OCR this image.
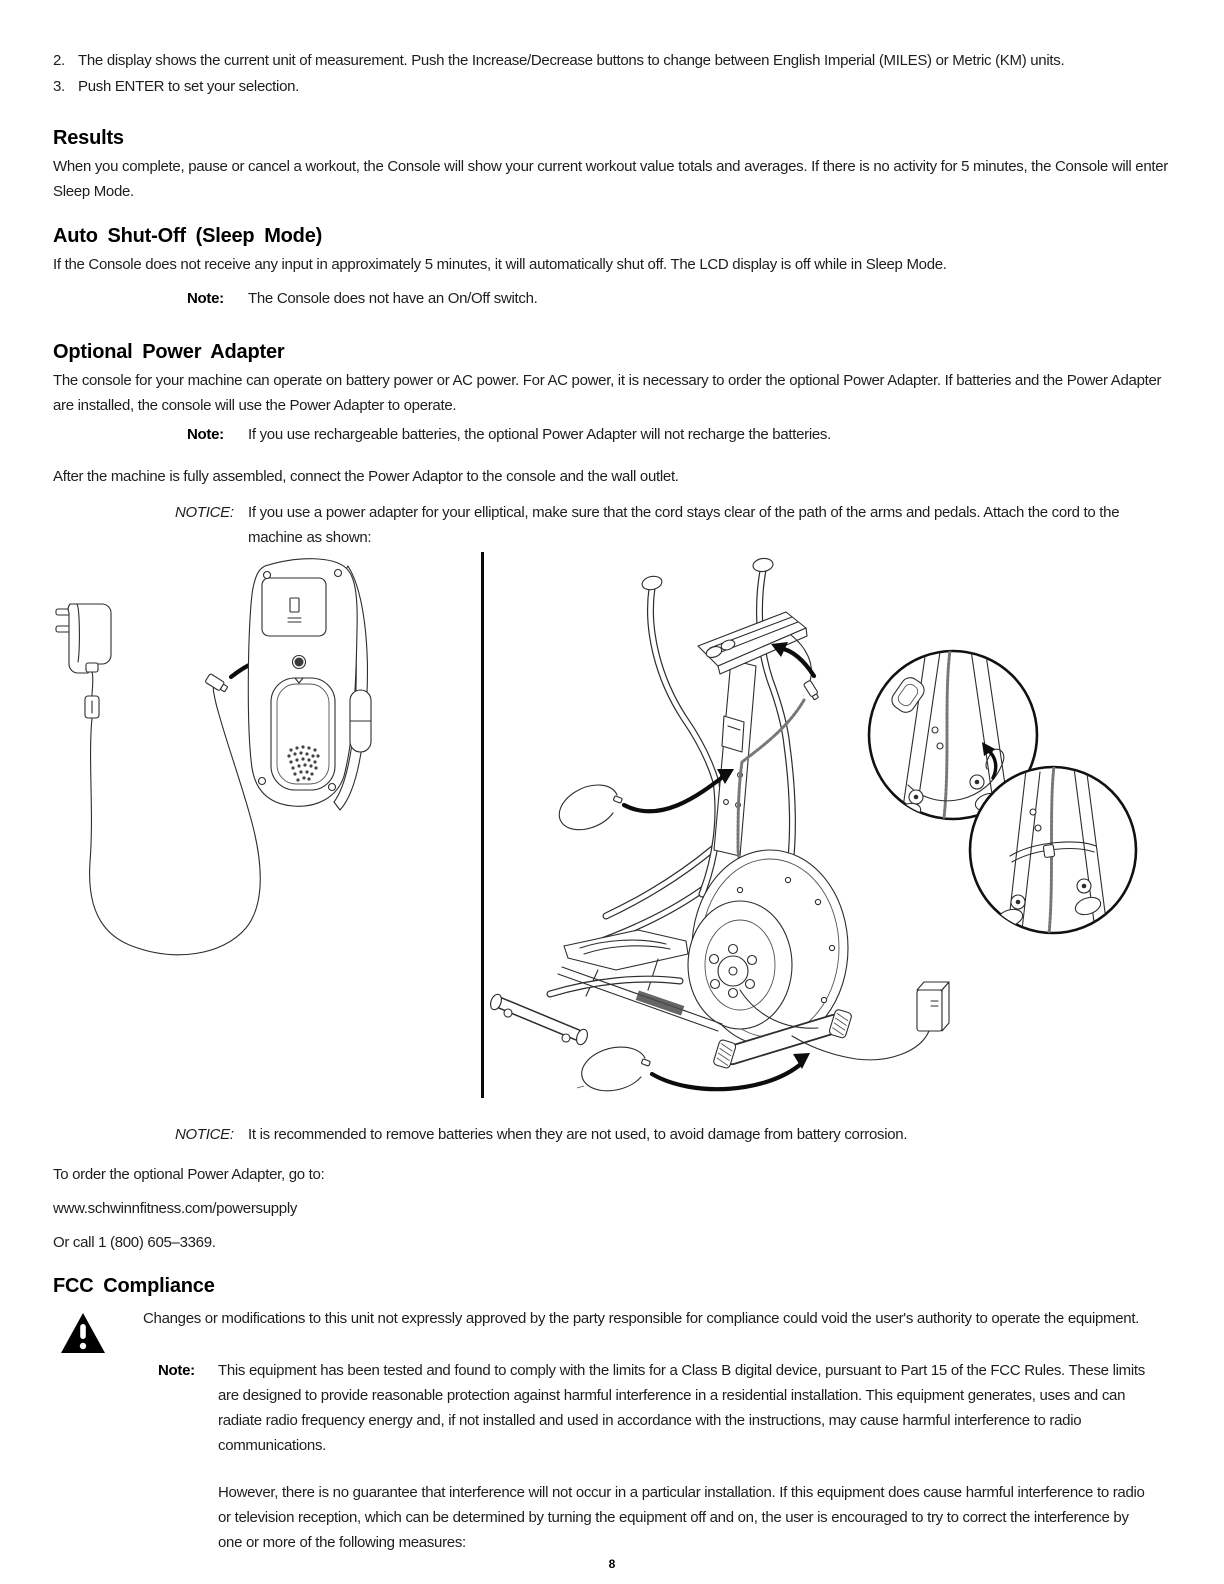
2. The display shows the current unit of measurement. Push the Increase/Decrease buttons to change between English Imperial (MILES) or Metric (KM) units.
3. Push ENTER to set your selection.
Results
When you complete, pause or cancel a workout, the Console will show your current workout value totals and averages. If there is no activity for 5 minutes, the Console will enter Sleep Mode.
Auto Shut-Off (Sleep Mode)
If the Console does not receive any input in approximately 5 minutes, it will automatically shut off. The LCD display is off while in Sleep Mode.
Note: The Console does not have an On/Off switch.
Optional Power Adapter
The console for your machine can operate on battery power or AC power. For AC power, it is necessary to order the optional Power Adapter. If batteries and the Power Adapter are installed, the console will use the Power Adapter to operate.
Note: If you use rechargeable batteries, the optional Power Adapter will not recharge the batteries.
After the machine is fully assembled, connect the Power Adaptor to the console and the wall outlet.
NOTICE: If you use a power adapter for your elliptical, make sure that the cord stays clear of the path of the arms and pedals. Attach the cord to the machine as shown:
NOTICE: It is recommended to remove batteries when they are not used, to avoid damage from battery corrosion.
To order the optional Power Adapter, go to:
www.schwinnfitness.com/powersupply
Or call 1 (800) 605–3369.
FCC Compliance
Changes or modifications to this unit not expressly approved by the party responsible for compliance could void the user's authority to operate the equipment.
Note: This equipment has been tested and found to comply with the limits for a Class B digital device, pursuant to Part 15 of the FCC Rules. These limits are designed to provide reasonable protection against harmful interference in a residential installation. This equipment generates, uses and can radiate radio frequency energy and, if not installed and used in accordance with the instructions, may cause harmful interference to radio communications.
However, there is no guarantee that interference will not occur in a particular installation. If this equipment does cause harmful interference to radio or television reception, which can be determined by turning the equipment off and on, the user is encouraged to try to correct the interference by one or more of the following measures:
8
